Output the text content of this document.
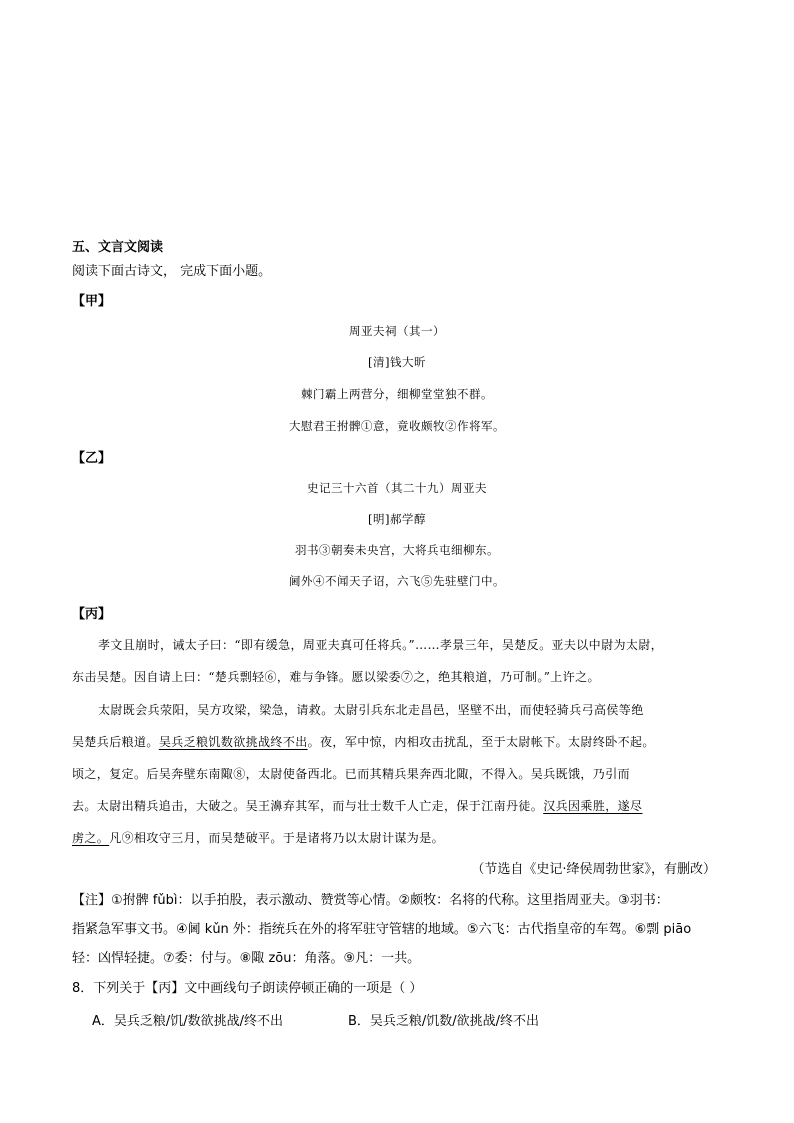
五、文言文阅读
阅读下面古诗文， 完成下面小题。
【甲】
周亚夫祠（其一）
[清]钱大昕
棘门霸上两营分，细柳堂堂独不群。
大慰君王拊髀①意，竟收颇牧②作将军。
【乙】
史记三十六首（其二十九）周亚夫
[明]郝学醇
羽书③朝奏未央宫，大将兵屯细柳东。
阃外④不闻天子诏，六飞⑤先驻壁门中。
【丙】
孝文且崩时，诫太子曰：“即有缓急，周亚夫真可任将兵。”……孝景三年，吴楚反。亚夫以中尉为太尉，
东击吴楚。因自请上曰：“楚兵剽轻⑥，难与争锋。愿以梁委⑦之，绝其粮道，乃可制。”上许之。
太尉既会兵荥阳，吴方攻梁，梁急，请救。太尉引兵东北走昌邑，坚壁不出，而使轻骑兵弓高侯等绝
吴楚兵后粮道。吴兵乏粮饥数欲挑战终不出。夜，军中惊，内相攻击扰乱，至于太尉帐下。太尉终卧不起。
顷之，复定。后吴奔壁东南陬⑧，太尉使备西北。已而其精兵果奔西北陬，不得入。吴兵既饿，乃引而
去。太尉出精兵追击，大破之。吴王濞弃其军，而与壮士数千人亡走，保于江南丹徒。汉兵因乘胜，遂尽
虏之。凡⑨相攻守三月，而吴楚破平。于是诸将乃以太尉计谋为是。
（节选自《史记·绛侯周勃世家》，有删改）
【注】①拊髀 fǔbì：以手拍股，表示激动、赞赏等心情。②颇牧：名将的代称。这里指周亚夫。③羽书：
指紧急军事文书。④阃 kǔn 外：指统兵在外的将军驻守管辖的地域。⑤六飞：古代指皇帝的车驾。⑥剽 piāo
轻：凶悍轻捷。⑦委：付与。⑧陬 zōu：角落。⑨凡：一共。
8．下列关于【丙】文中画线句子朗读停顿正确的一项是（ ）
A．吴兵乏粮/饥/数欲挑战/终不出	B．吴兵乏粮/饥数/欲挑战/终不出
